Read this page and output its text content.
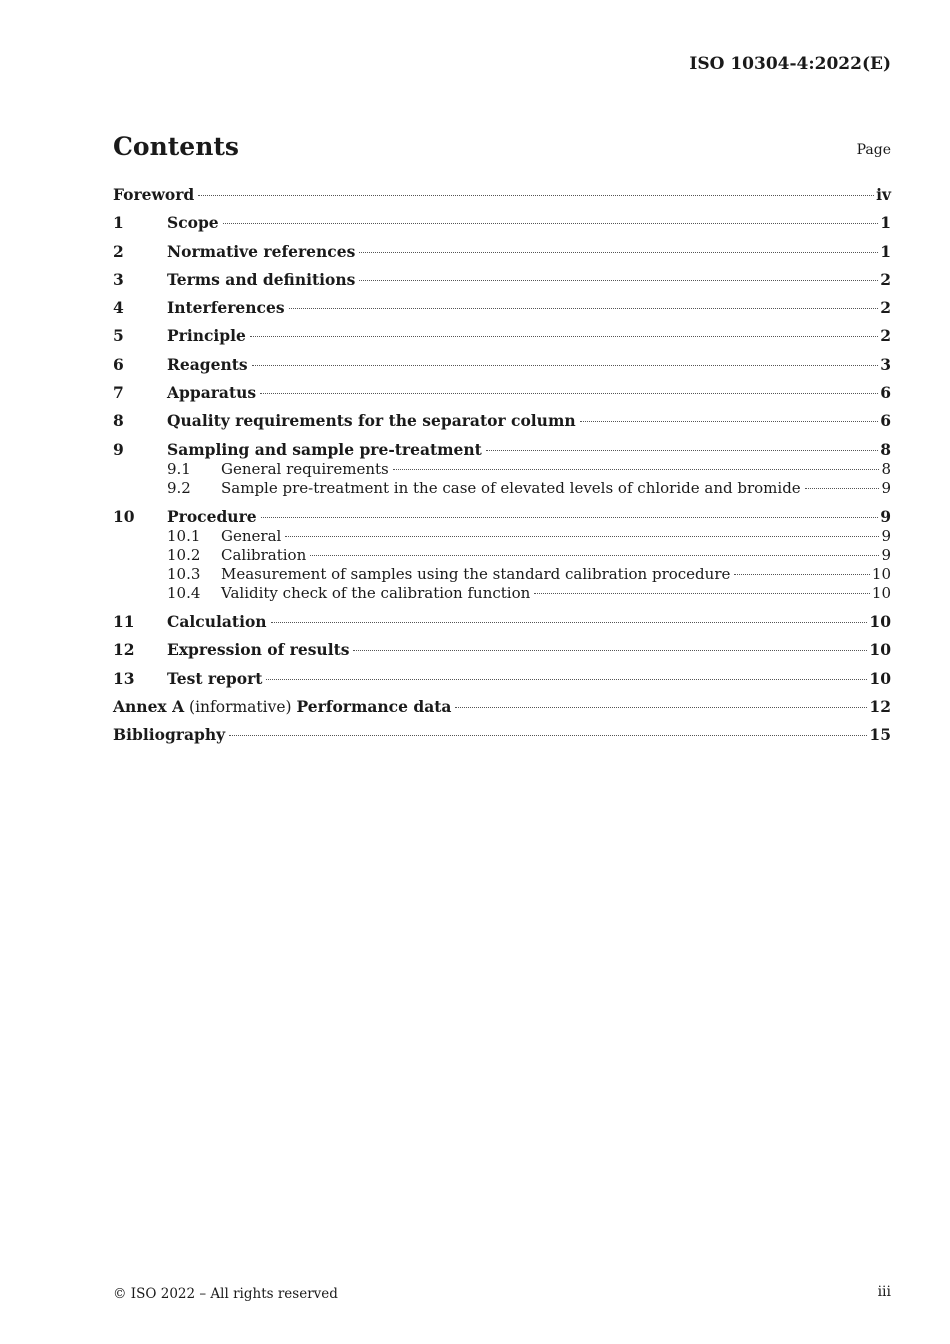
ISO 10304-4:2022(E)
Contents	Page
Foreword	iv
1	Scope	1
2	Normative references	1
3	Terms and definitions	2
4	Interferences	2
5	Principle	2
6	Reagents	3
7	Apparatus	6
8	Quality requirements for the separator column	6
9	Sampling and sample pre-treatment	8
9.1	General requirements	8
9.2	Sample pre-treatment in the case of elevated levels of chloride and bromide	9
10	Procedure	9
10.1	General	9
10.2	Calibration	9
10.3	Measurement of samples using the standard calibration procedure	10
10.4	Validity check of the calibration function	10
11	Calculation	10
12	Expression of results	10
13	Test report	10
Annex A (informative) Performance data	12
Bibliography	15
© ISO 2022 – All rights reserved	iii
